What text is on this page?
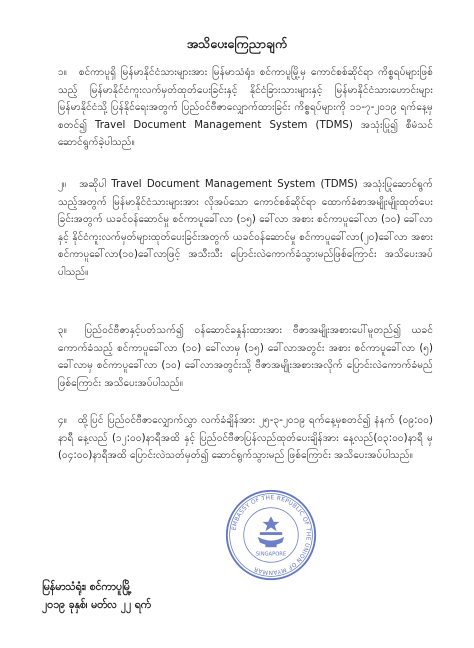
အသိပေးကြေညာချက်
၁။ စင်ကာပူရှိ မြန်မာနိုင်ငံသားများအား မြန်မာသံရုံး၊ စင်ကာပူမြို့မှ ကောင်စစ်ဆိုင်ရာ ကိစ္စရပ်များဖြစ်သည့် မြန်မာနိုင်ငံကူးလက်မှတ်ထုတ်ပေးခြင်းနှင့် နိုင်ငံခြားသားများနှင့် မြန်မာနိုင်ငံသားဟောင်းများ မြန်မာနိုင်ငံသို့ ပြန်နိုင်ရေးအတွက် ပြည်ဝင်ဗီဇာလျှောက်ထားခြင်း ကိစ္စရပ်များကို ၁၁-၇-၂၀၁၉ ရက်နေ့မှ စတင်၍ Travel Document Management System (TDMS) အသုံးပြု၍ စီမံသင်ဆောင်ရွက်ခဲ့ပါသည်။
၂။ အဆိုပါ Travel Document Management System (TDMS) အသုံးပြုဆောင်ရွက်သည့်အတွက် မြန်မာနိုင်ငံသားများအား လိုအပ်သော ကောင်စစ်ဆိုင်ရာ ထောက်ခံစာအမျိုးမျိုးထုတ်ပေးခြင်းအတွက် ယခင်ဝန်ဆောင်မှု စင်ကာပူခေါ်လာ (၁၅) ခေါ်လာ အစား စင်ကာပူခေါ်လာ (၁၀) ခေါ်လာနှင့် နိုင်ငံကူးလက်မှတ်များထုတ်ပေးခြင်းအတွက် ယခင်ဝန်ဆောင်မှု စင်ကာပူခေါ်လာ(၂၀)ခေါ်လာ အစား စင်ကာပူခေါ်လာ(၁၀)ခေါ်လာဖြင့် အသီးသီး ပြောင်းလဲကောက်ခံသွားမည်ဖြစ်ကြောင်း အသိပေးအပ်ပါသည်။
၃။ ပြည်ဝင်ဗီဇာနှင့်ပတ်သက်၍ ဝန်ဆောင်ခနှုန်းထားအား ဗီဇာအမျိုးအစားပေါ်မူတည်၍ ယခင် ကောက်ခံသည့် စင်ကာပူခေါ်လာ (၁၀) ခေါ်လာမှ (၁၅) ခေါ်လာအတွင်း အစား စင်ကာပူခေါ်လာ (၅) ခေါ်လာမှ စင်ကာပူခေါ်လာ (၁၀) ခေါ်လာအတွင်းသို့ ဗီဇာအမျိုးအစားအလိုက် ပြောင်းလဲကောက်ခံမည်ဖြစ်ကြောင်း အသိပေးအပ်ပါသည်။
၄။ ထို့ပြင် ပြည်ဝင်ဗီဇာလျှောက်လွှာ လက်ခံချိန်အား ၂၅-၃-၂၀၁၉ ရက်နေ့မှစတင်၍ နံနက် (၀၉:၀၀) နာရီ နေ့လည် (၁၂:၀၀)နာရီအထိ နှင့် ပြည်ဝင်ဗီဇာပြန်လည်ထုတ်ပေးချိန်အား နေ့လည်(၀၃:၀၀)နာရီ မှ (၀၄:၀၀)နာရီအထိ ပြောင်းလဲသတ်မှတ်၍ ဆောင်ရွက်သွားမည် ဖြစ်ကြောင်း အသိပေးအပ်ပါသည်။
EMBASSY OF THE REPUBLIC OF THE UNION OF MYANMAR
SINGAPORE
မြန်မာသံရုံး၊ စင်ကာပူမြို့
၂၀၁၉ ခုနှစ်၊ မတ်လ ၂၂ ရက်
